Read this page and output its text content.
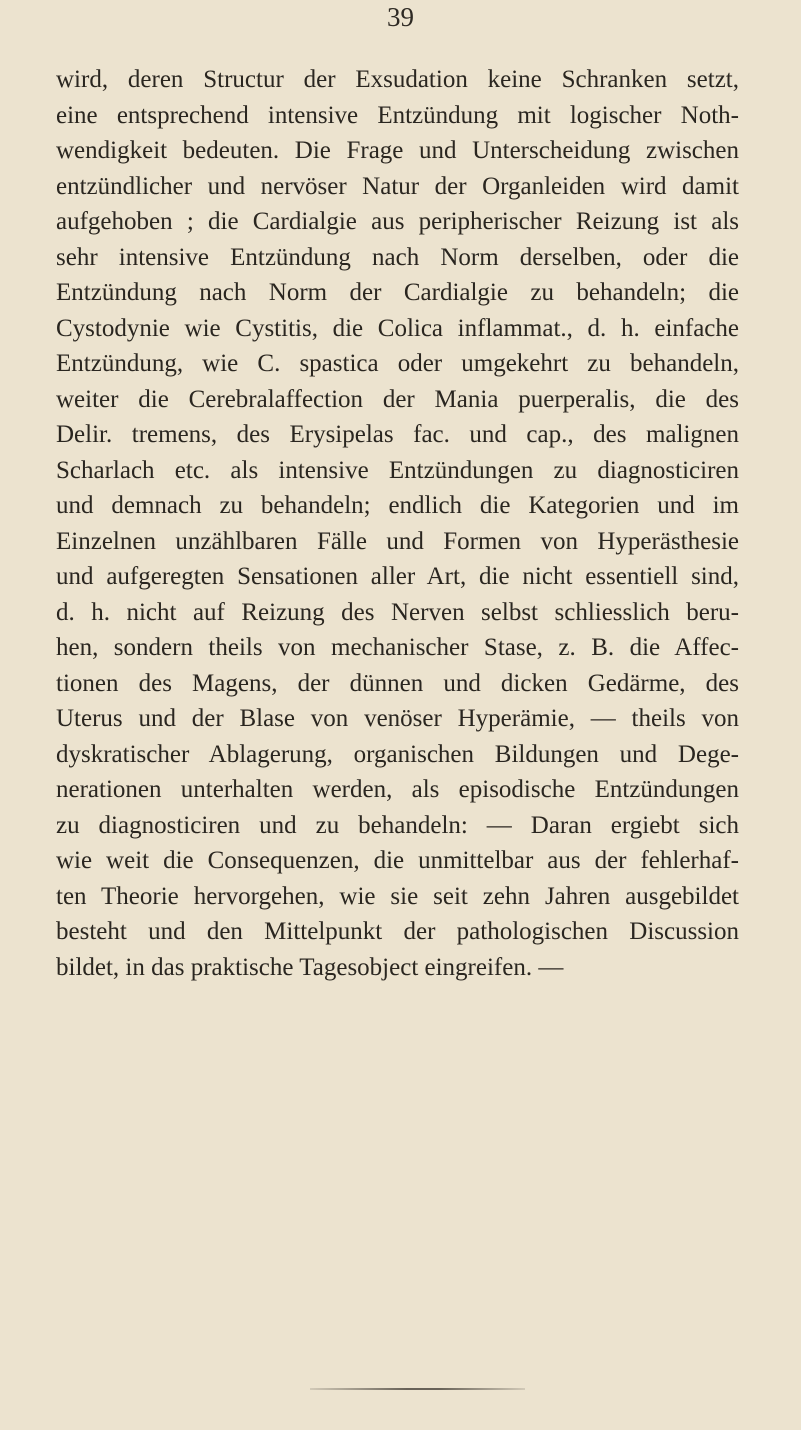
39
wird, deren Structur der Exsudation keine Schranken setzt,
eine entsprechend intensive Entzündung mit logischer Noth-
wendigkeit bedeuten. Die Frage und Unterscheidung zwischen
entzündlicher und nervöser Natur der Organleiden wird damit
aufgehoben ; die Cardialgie aus peripherischer Reizung ist als
sehr intensive Entzündung nach Norm derselben, oder die
Entzündung nach Norm der Cardialgie zu behandeln; die
Cystodynie wie Cystitis, die Colica inflammat., d. h. einfache
Entzündung, wie C. spastica oder umgekehrt zu behandeln,
weiter die Cerebralaffection der Mania puerperalis, die des
Delir. tremens, des Erysipelas fac. und cap., des malignen
Scharlach etc. als intensive Entzündungen zu diagnosticiren
und demnach zu behandeln; endlich die Kategorien und im
Einzelnen unzählbaren Fälle und Formen von Hyperästhesie
und aufgeregten Sensationen aller Art, die nicht essentiell sind,
d. h. nicht auf Reizung des Nerven selbst schliesslich beru-
hen, sondern theils von mechanischer Stase, z. B. die Affec-
tionen des Magens, der dünnen und dicken Gedärme, des
Uterus und der Blase von venöser Hyperämie, — theils von
dyskratischer Ablagerung, organischen Bildungen und Dege-
nerationen unterhalten werden, als episodische Entzündungen
zu diagnosticiren und zu behandeln: — Daran ergiebt sich
wie weit die Consequenzen, die unmittelbar aus der fehlerhaf-
ten Theorie hervorgehen, wie sie seit zehn Jahren ausgebildet
besteht und den Mittelpunkt der pathologischen Discussion
bildet, in das praktische Tagesobject eingreifen. —
